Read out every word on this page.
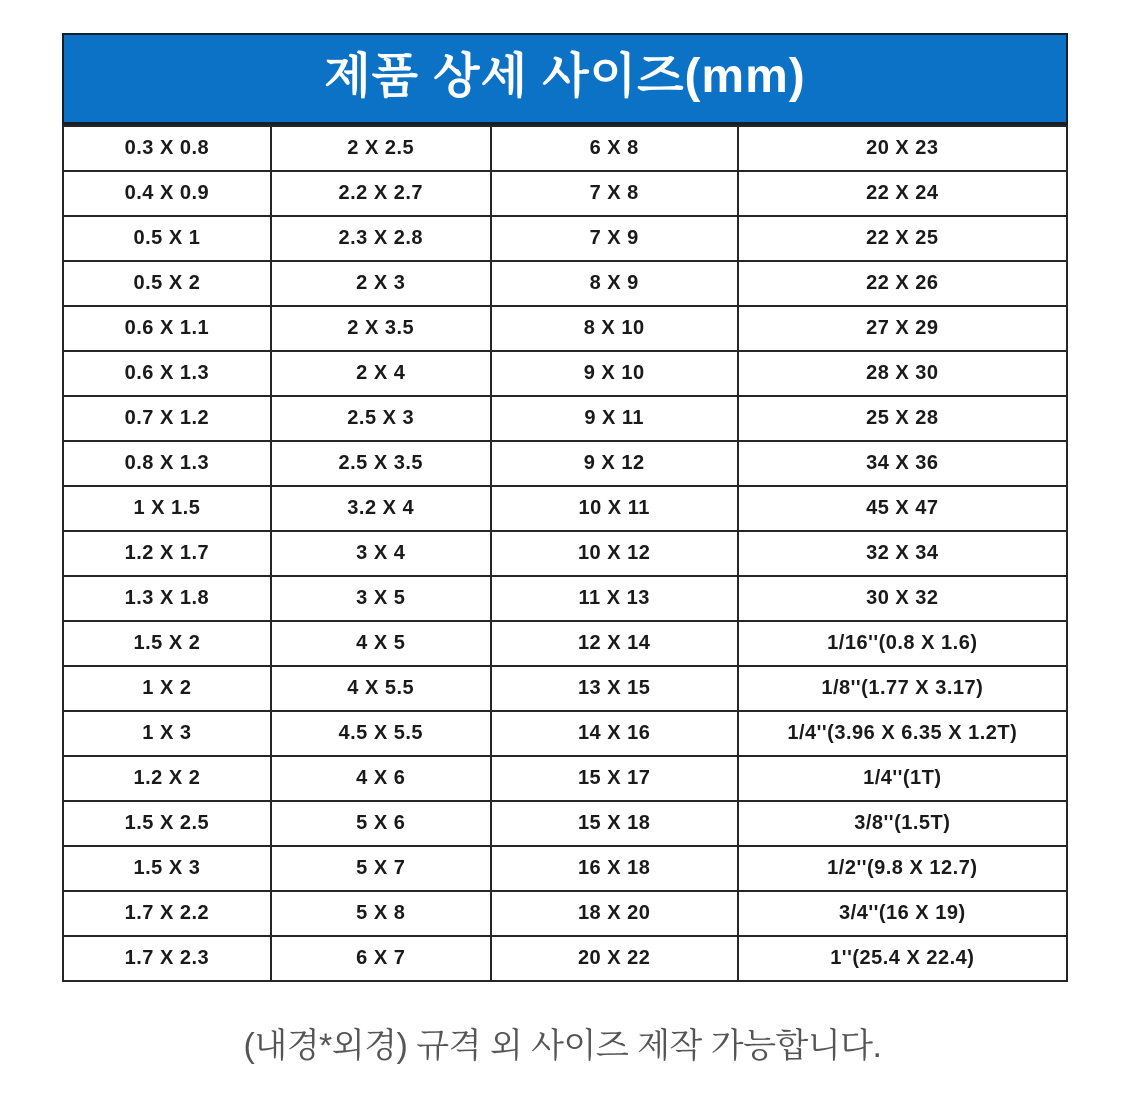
제품 상세 사이즈(mm)
0.3 X 0.8	2 X 2.5	6 X 8	20 X 23
0.4 X 0.9	2.2 X 2.7	7 X 8	22 X 24
0.5 X 1	2.3 X 2.8	7 X 9	22 X 25
0.5 X 2	2 X 3	8 X 9	22 X 26
0.6 X 1.1	2 X 3.5	8 X 10	27 X 29
0.6 X 1.3	2 X 4	9 X 10	28 X 30
0.7 X 1.2	2.5 X 3	9 X 11	25 X 28
0.8 X 1.3	2.5 X 3.5	9 X 12	34 X 36
1 X 1.5	3.2 X 4	10 X 11	45 X 47
1.2 X 1.7	3 X 4	10 X 12	32 X 34
1.3 X 1.8	3 X 5	11 X 13	30 X 32
1.5 X 2	4 X 5	12 X 14	1/16''(0.8 X 1.6)
1 X 2	4 X 5.5	13 X 15	1/8''(1.77 X 3.17)
1 X 3	4.5 X 5.5	14 X 16	1/4''(3.96 X 6.35 X 1.2T)
1.2 X 2	4 X 6	15 X 17	1/4''(1T)
1.5 X 2.5	5 X 6	15 X 18	3/8''(1.5T)
1.5 X 3	5 X 7	16 X 18	1/2''(9.8 X 12.7)
1.7 X 2.2	5 X 8	18 X 20	3/4''(16 X 19)
1.7 X 2.3	6 X 7	20 X 22	1''(25.4 X 22.4)
(내경*외경) 규격 외 사이즈 제작 가능합니다.
